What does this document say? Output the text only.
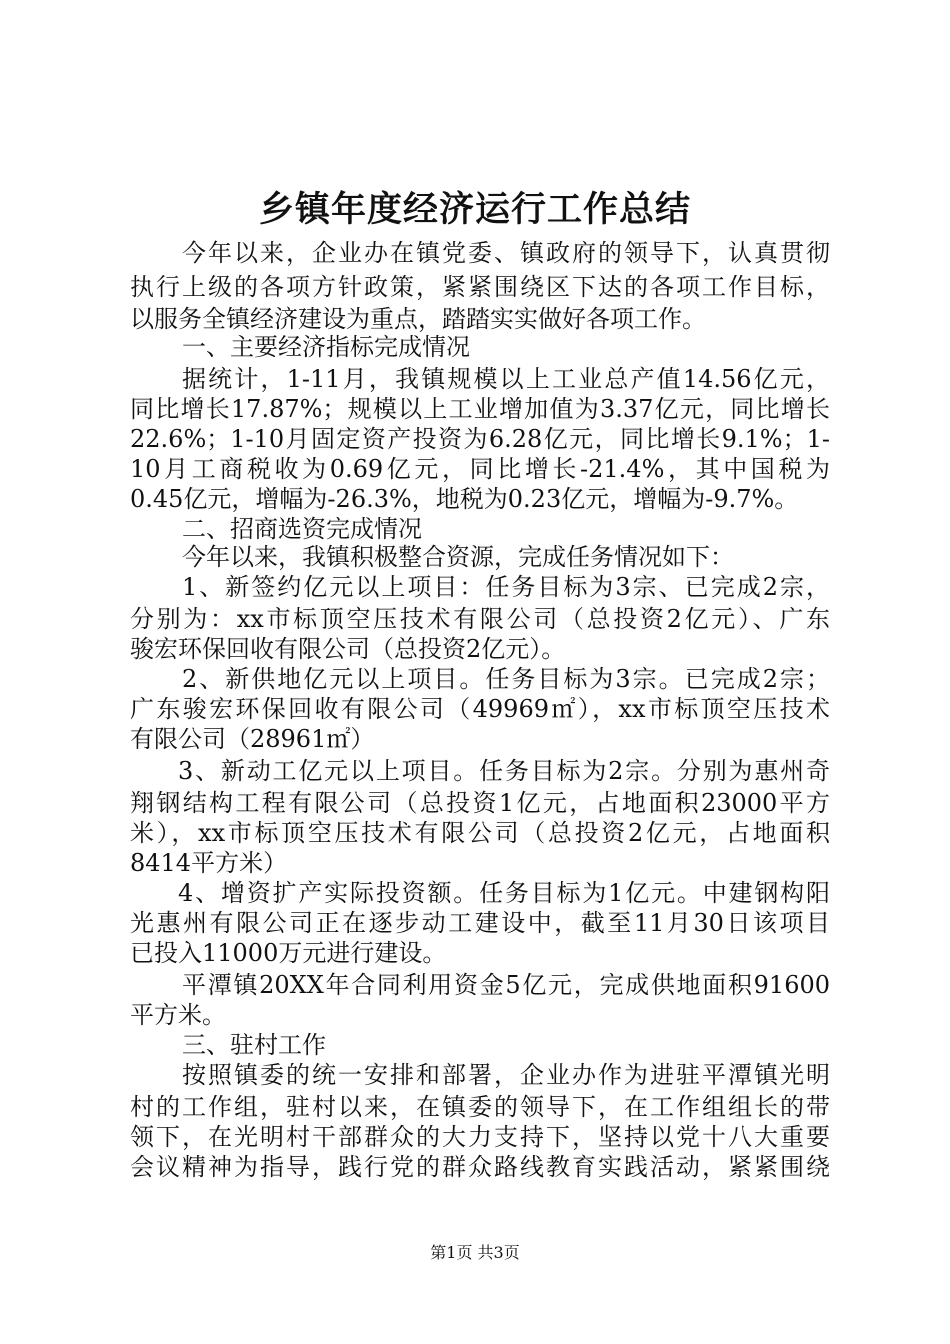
乡镇年度经济运行工作总结
今年以来，企业办在镇党委、镇政府的领导下，认真贯彻
执行上级的各项方针政策，紧紧围绕区下达的各项工作目标，
以服务全镇经济建设为重点，踏踏实实做好各项工作。
一、主要经济指标完成情况
据统计，1-11月，我镇规模以上工业总产值14.56亿元，
同比增长17.87%；规模以上工业增加值为3.37亿元，同比增长
22.6%；1-10月固定资产投资为6.28亿元，同比增长9.1%；1-
10月工商税收为0.69亿元，同比增长-21.4%，其中国税为
0.45亿元，增幅为-26.3%，地税为0.23亿元，增幅为-9.7%。
二、招商选资完成情况
今年以来，我镇积极整合资源，完成任务情况如下：
1、新签约亿元以上项目：任务目标为3宗、已完成2宗，
分别为：xx市标顶空压技术有限公司（总投资2亿元）、广东
骏宏环保回收有限公司（总投资2亿元）。
2、新供地亿元以上项目。任务目标为3宗。已完成2宗；
广东骏宏环保回收有限公司（49969㎡），xx市标顶空压技术
有限公司（28961㎡）
3、新动工亿元以上项目。任务目标为2宗。分别为惠州奇
翔钢结构工程有限公司（总投资1亿元，占地面积23000平方
米），xx市标顶空压技术有限公司（总投资2亿元，占地面积
8414平方米）
4、增资扩产实际投资额。任务目标为1亿元。中建钢构阳
光惠州有限公司正在逐步动工建设中，截至11月30日该项目
已投入11000万元进行建设。
平潭镇20XX年合同利用资金5亿元，完成供地面积91600
平方米。
三、驻村工作
按照镇委的统一安排和部署，企业办作为进驻平潭镇光明
村的工作组，驻村以来，在镇委的领导下，在工作组组长的带
领下，在光明村干部群众的大力支持下，坚持以党十八大重要
会议精神为指导，践行党的群众路线教育实践活动，紧紧围绕
第1页 共3页
